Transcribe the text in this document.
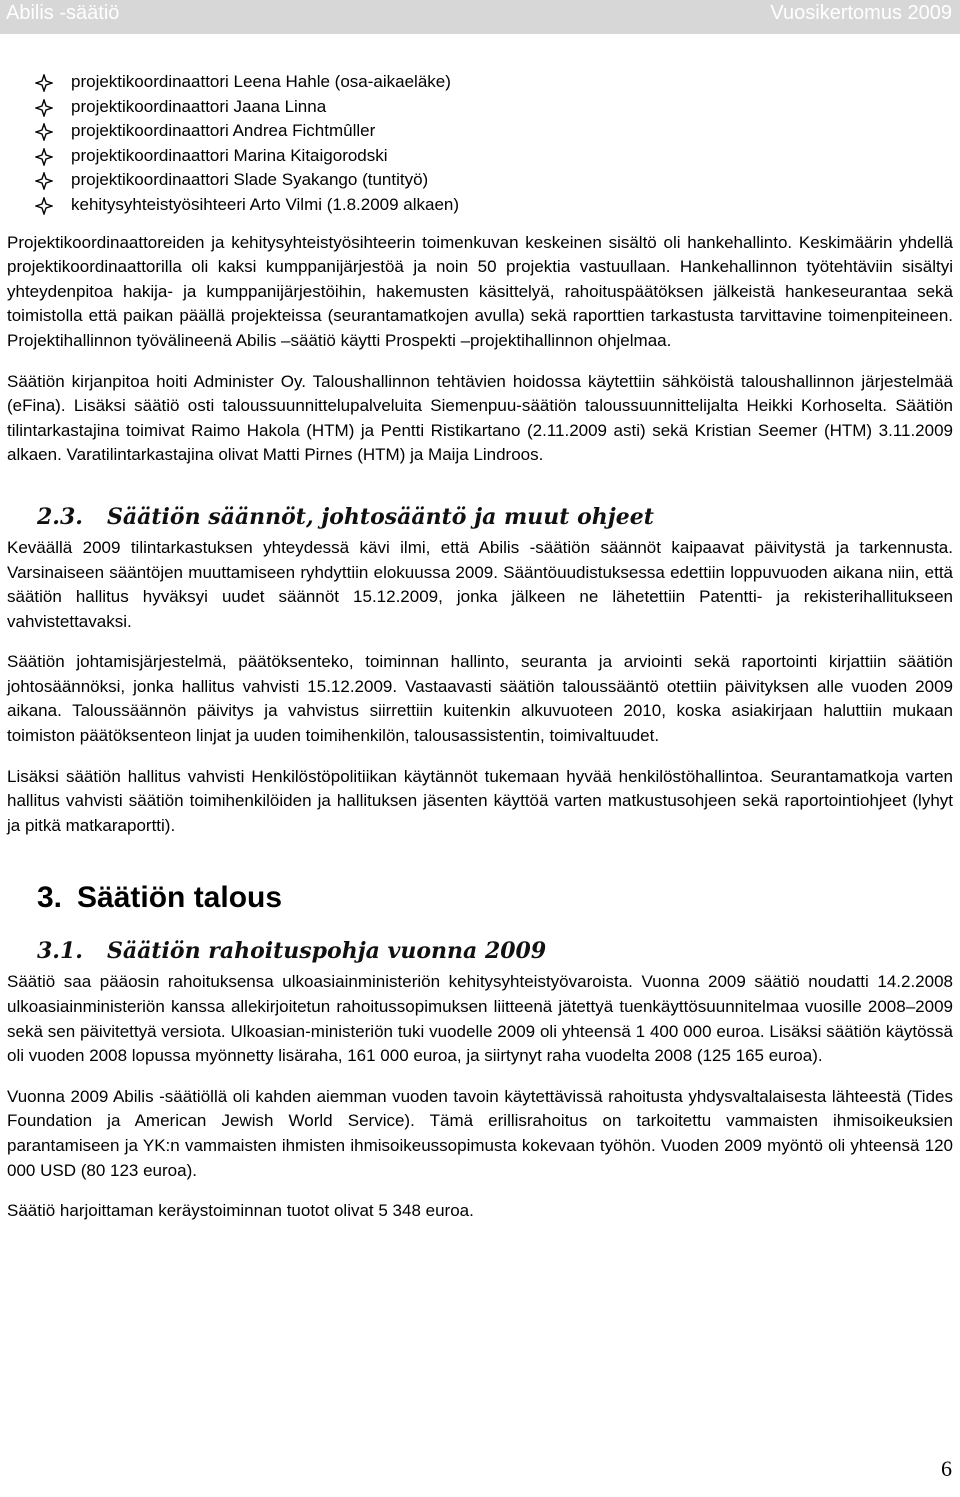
Abilis -säätiö	Vuosikertomus 2009
projektikoordinaattori Leena Hahle (osa-aikaeläke)
projektikoordinaattori Jaana Linna
projektikoordinaattori Andrea Fichtmûller
projektikoordinaattori Marina Kitaigorodski
projektikoordinaattori Slade Syakango (tuntityö)
kehitysyhteistyösihteeri Arto Vilmi (1.8.2009 alkaen)

Projektikoordinaattoreiden ja kehitysyhteistyösihteerin toimenkuvan keskeinen sisältö oli hankehallinto. Keskimäärin yhdellä projektikoordinaattorilla oli kaksi kumppanijärjestöä ja noin 50 projektia vastuullaan. Hankehallinnon työtehtäviin sisältyi yhteydenpitoa hakija- ja kumppanijärjestöihin, hakemusten käsittelyä, rahoituspäätöksen jälkeistä hankeseurantaa sekä toimistolla että paikan päällä projekteissa (seurantamatkojen avulla) sekä raporttien tarkastusta tarvittavine toimenpiteineen. Projektihallinnon työvälineenä Abilis –säätiö käytti Prospekti –projektihallinnon ohjelmaa.

Säätiön kirjanpitoa hoiti Administer Oy. Taloushallinnon tehtävien hoidossa käytettiin sähköistä taloushallinnon järjestelmää (eFina). Lisäksi säätiö osti taloussuunnittelupalveluita Siemenpuu-säätiön taloussuunnittelijalta Heikki Korhoselta. Säätiön tilintarkastajina toimivat Raimo Hakola (HTM) ja Pentti Ristikartano (2.11.2009 asti) sekä Kristian Seemer (HTM) 3.11.2009 alkaen. Varatilintarkastajina olivat Matti Pirnes (HTM) ja Maija Lindroos.

2.3. Säätiön säännöt, johtosääntö ja muut ohjeet

Keväällä 2009 tilintarkastuksen yhteydessä kävi ilmi, että Abilis -säätiön säännöt kaipaavat päivitystä ja tarkennusta. Varsinaiseen sääntöjen muuttamiseen ryhdyttiin elokuussa 2009. Sääntöuudistuksessa edettiin loppuvuoden aikana niin, että säätiön hallitus hyväksyi uudet säännöt 15.12.2009, jonka jälkeen ne lähetettiin Patentti- ja rekisterihallitukseen vahvistettavaksi.

Säätiön johtamisjärjestelmä, päätöksenteko, toiminnan hallinto, seuranta ja arviointi sekä raportointi kirjattiin säätiön johtosäännöksi, jonka hallitus vahvisti 15.12.2009. Vastaavasti säätiön taloussääntö otettiin päivityksen alle vuoden 2009 aikana. Taloussäännön päivitys ja vahvistus siirrettiin kuitenkin alkuvuoteen 2010, koska asiakirjaan haluttiin mukaan toimiston päätöksenteon linjat ja uuden toimihenkilön, talousassistentin, toimivaltuudet.

Lisäksi säätiön hallitus vahvisti Henkilöstöpolitiikan käytännöt tukemaan hyvää henkilöstöhallintoa. Seurantamatkoja varten hallitus vahvisti säätiön toimihenkilöiden ja hallituksen jäsenten käyttöä varten matkustusohjeen sekä raportointiohjeet (lyhyt ja pitkä matkaraportti).

3. Säätiön talous
3.1. Säätiön rahoituspohja vuonna 2009

Säätiö saa pääosin rahoituksensa ulkoasiainministeriön kehitysyhteistyövaroista. Vuonna 2009 säätiö noudatti 14.2.2008 ulkoasiainministeriön kanssa allekirjoitetun rahoitussopimuksen liitteenä jätettyä tuenkäyttösuunnitelmaa vuosille 2008–2009 sekä sen päivitettyä versiota. Ulkoasian-ministeriön tuki vuodelle 2009 oli yhteensä 1 400 000 euroa. Lisäksi säätiön käytössä oli vuoden 2008 lopussa myönnetty lisäraha, 161 000 euroa, ja siirtynyt raha vuodelta 2008 (125 165 euroa).

Vuonna 2009 Abilis -säätiöllä oli kahden aiemman vuoden tavoin käytettävissä rahoitusta yhdysvaltalaisesta lähteestä (Tides Foundation ja American Jewish World Service). Tämä erillisrahoitus on tarkoitettu vammaisten ihmisoikeuksien parantamiseen ja YK:n vammaisten ihmisten ihmisoikeussopimusta kokevaan työhön. Vuoden 2009 myöntö oli yhteensä 120 000 USD (80 123 euroa).

Säätiö harjoittaman keräystoiminnan tuotot olivat 5 348 euroa.

6
